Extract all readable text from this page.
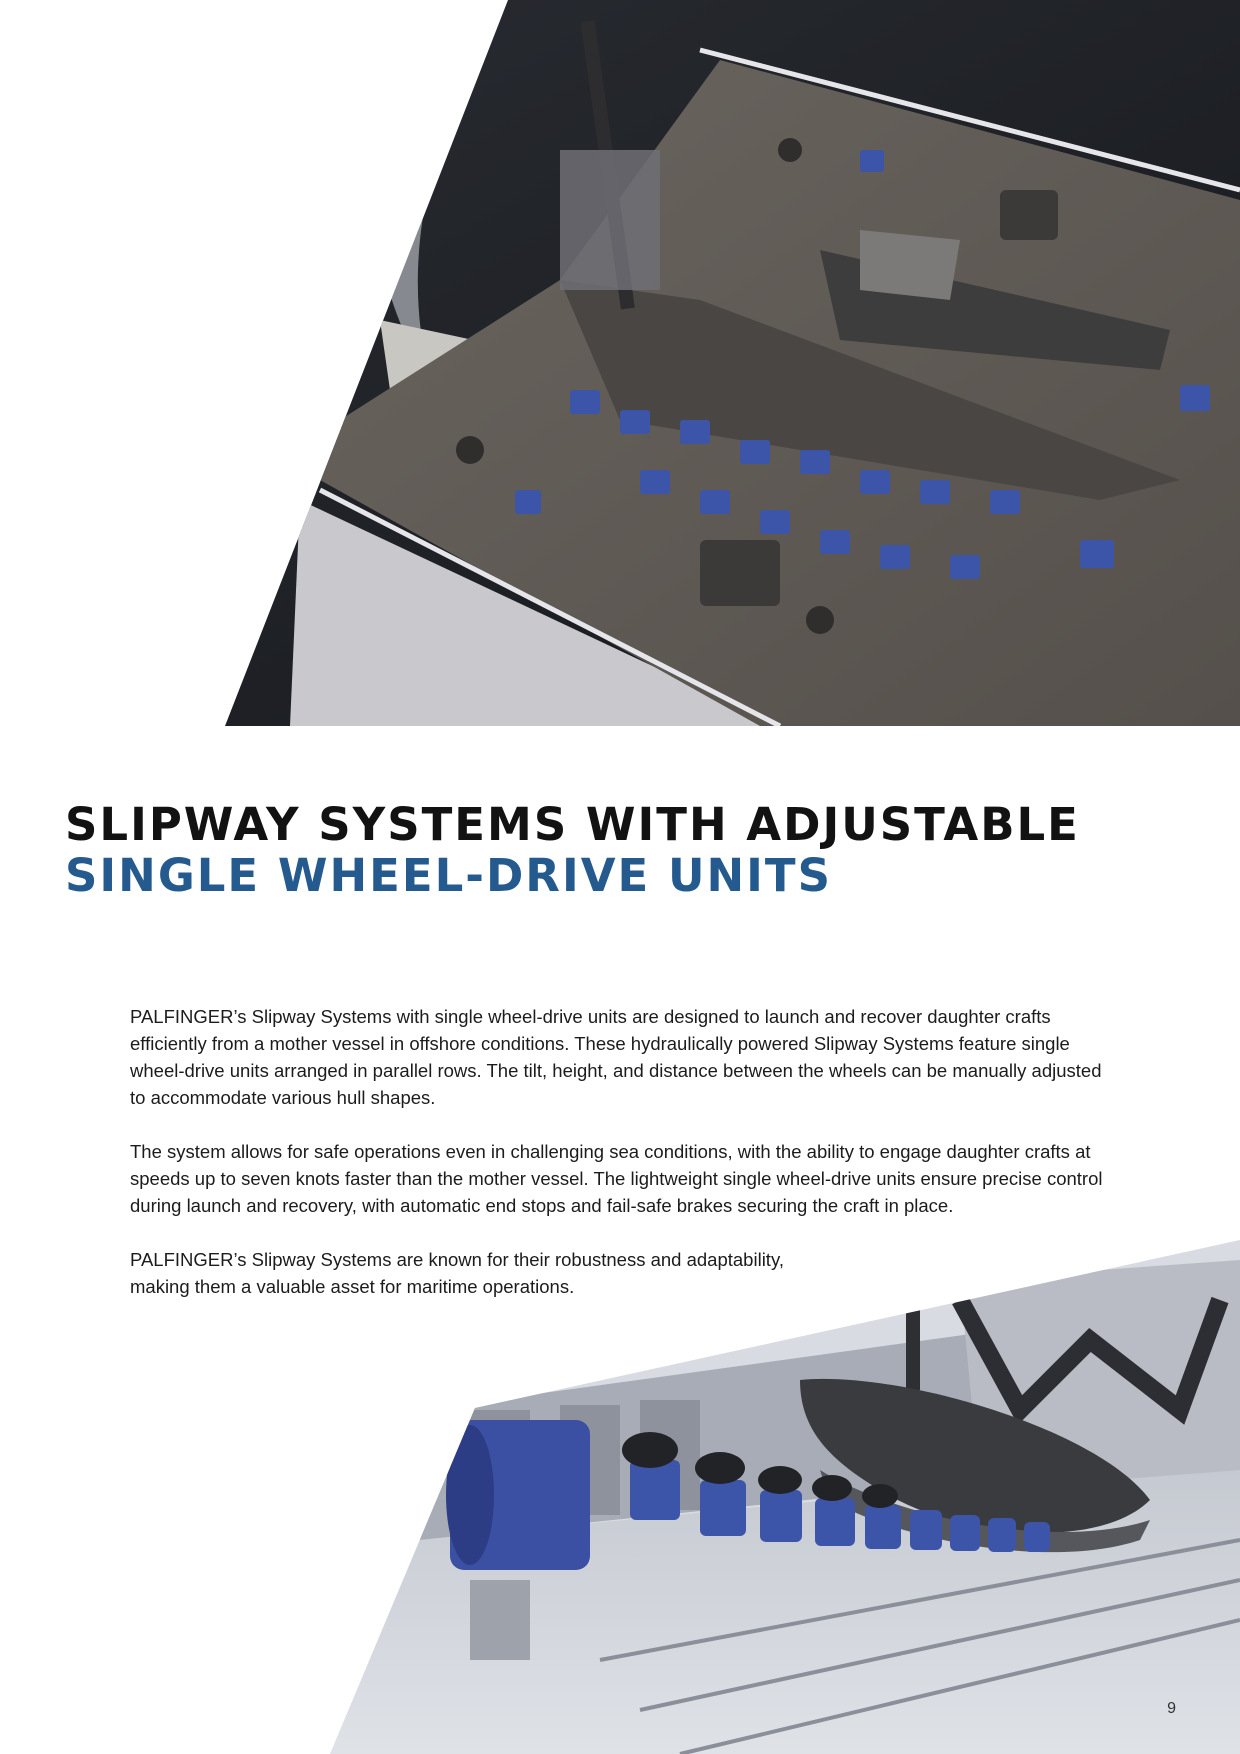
SLIPWAY SYSTEMS WITH ADJUSTABLE
SINGLE WHEEL-DRIVE UNITS

PALFINGER’s Slipway Systems with single wheel-drive units are designed to launch and recover daughter crafts efficiently from a mother vessel in offshore conditions. These hydraulically powered Slipway Systems feature single wheel-drive units arranged in parallel rows. The tilt, height, and distance between the wheels can be manually adjusted to accommodate various hull shapes.

The system allows for safe operations even in challenging sea conditions, with the ability to engage daughter crafts at speeds up to seven knots faster than the mother vessel. The lightweight single wheel-drive units ensure precise control during launch and recovery, with automatic end stops and fail-safe brakes securing the craft in place.

PALFINGER’s Slipway Systems are known for their robustness and adaptability, making them a valuable asset for maritime operations.

9
